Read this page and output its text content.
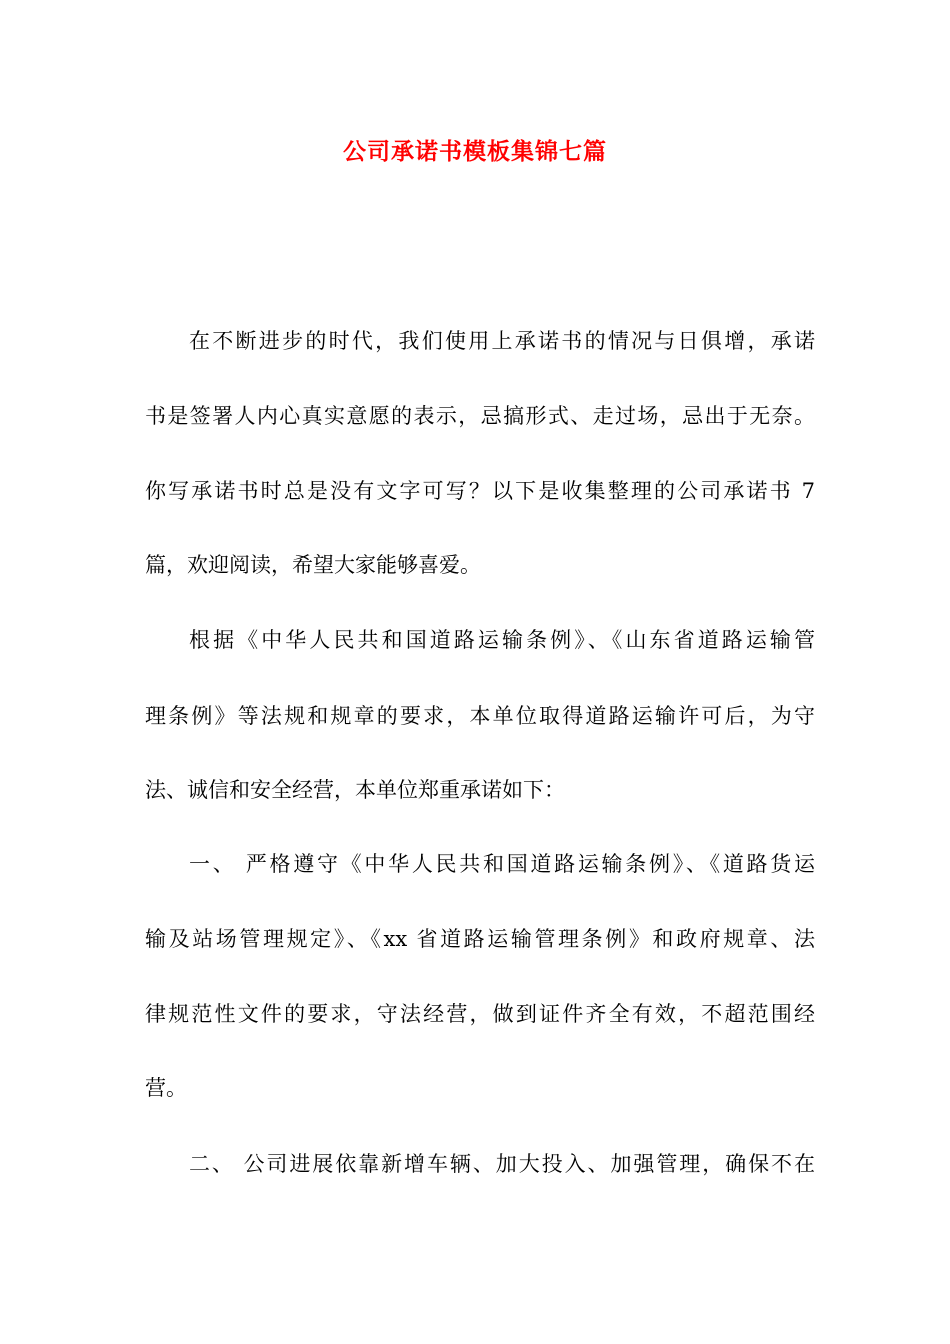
公司承诺书模板集锦七篇

在不断进步的时代，我们使用上承诺书的情况与日俱增，承诺

书是签署人内心真实意愿的表示，忌搞形式、走过场，忌出于无奈。

你写承诺书时总是没有文字可写？以下是收集整理的公司承诺书 7

篇，欢迎阅读，希望大家能够喜爱。

根据《中华人民共和国道路运输条例》、《山东省道路运输管

理条例》等法规和规章的要求，本单位取得道路运输许可后，为守

法、诚信和安全经营，本单位郑重承诺如下：

一、 严格遵守《中华人民共和国道路运输条例》、《道路货运

输及站场管理规定》、《xx 省道路运输管理条例》和政府规章、法

律规范性文件的要求，守法经营，做到证件齐全有效，不超范围经

营。

二、 公司进展依靠新增车辆、加大投入、加强管理，确保不在
